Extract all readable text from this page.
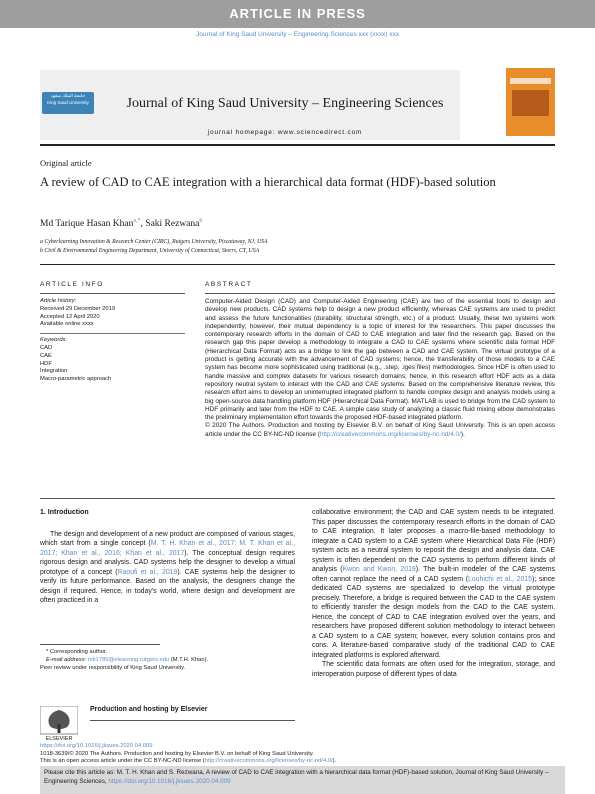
ARTICLE IN PRESS
Journal of King Saud University – Engineering Sciences xxx (xxxx) xxx
جامعة الملك سعود
King Saud University	Journal of King Saud University – Engineering Sciences
journal homepage: www.sciencedirect.com
Original article
A review of CAD to CAE integration with a hierarchical data format (HDF)-based solution
Md Tarique Hasan Khan$^{a,*}$, Saki Rezwana$^b$
a Cyberlearning Innovation & Research Center (CIRC), Rutgers University, Piscataway, NJ, USA
b Civil & Environmental Engineering Department, University of Connecticut, Storrs, CT, USA
ARTICLE INFO	ABSTRACT
Article history:
Received 29 December 2019
Accepted 12 April 2020
Available online xxxx
Keywords:
CAD
CAE
HDF
Integration
Macro-parametric approach
Computer-Aided Design (CAD) and Computer-Aided Engineering (CAE) are two of the essential tools to design and develop new products. CAD systems help to design a new product efficiently, whereas CAE systems are used to predict and assess the future functionalities (durability, structural strength, etc.) of a product. Usually, these two systems work independently; however, their mutual dependency is a topic of interest for the researchers. This paper discusses the contemporary research efforts in the domain of CAD to CAE integration and later find the research gap. Based on the research gap this paper develop a methodology to integrate a CAD to CAE systems where scientific data format HDF (Hierarchical Data Format) acts as a bridge to link the gap between a CAD and CAE system. The virtual prototype of a product is getting accurate with the advancement of CAD systems; hence, the transferability of those models to a CAE system has become more sophisticated using traditional (e.g., .step, .iges files) methodologies. Since HDF is often used to handle massive and complex datasets for various research domains; hence, in this research effort HDF acts as a data repository neutral system to interact with the CAD and CAE systems. Based on the comprehensive literature review, this research effort aims to develop an uninterrupted integrated platform to handle complex design and analysis models using a big open-source data handling platform HDF (Hierarchical Data Format). MATLAB is used to bridge from the CAD system to HDF primarily and later from the HDF to CAE. A simple case study of analyzing a classic fluid mixing elbow demonstrates the preliminary implementation effort towards the proposed HDF-based integrated platform.
© 2020 The Authors. Production and hosting by Elsevier B.V. on behalf of King Saud University. This is an open access article under the CC BY-NC-ND license (http://creativecommons.org/licenses/by-nc-nd/4.0/).

1. Introduction

The design and development of a new product are composed of various stages, which start from a single concept (M. T. H. Khan et al., 2017; M. T. Khan et al., 2017; Khan et al., 2016; Khan et al., 2017). The conceptual design requires rigorous design and analysis. CAD systems help the designer to develop a virtual prototype of a concept (Raoufi et al., 2019). CAE systems help the designer to verify its future performance. Based on the analysis, the designers change the design if required. Hence, in today's world, where design and development are often practiced in a

collaborative environment; the CAD and CAE system needs to be integrated. This paper discusses the contemporary research efforts in the domain of CAD to CAE integration. It later proposes a macro-file-based methodology to integrate a CAD system to a CAE system where Hierarchical Data File (HDF) system acts as a neutral system to reposit the design and analysis data. CAE system is often dependent on the CAD systems to perform different kinds of analysis (Kwon and Kwon, 2019). The built-in modeler of the CAE systems often cannot replace the need of a CAD system (Louhichi et al., 2015); since dedicated CAD systems are specialized to develop the virtual prototype precisely. Therefore, a bridge is required between the CAD to the CAE system to efficiently transfer the design models from the CAD to the CAE system. Hence, the concept of CAD to CAE integration evolved over the years, and researchers have proposed different solution methodology to interact between a CAD system to a CAE system; however, every solution contains pros and cons. A literature-based comparative study of the traditional CAD to CAE integrated platforms is explored afterward.

The scientific data formats are often used for the integration, storage, and interoperation purpose of different types of data

* Corresponding author.
E-mail address: mk1789@elearning.rutgers.edu (M.T.H. Khan).
Peer review under responsibility of King Saud University.
ELSEVIER
Production and hosting by Elsevier
https://doi.org/10.1016/j.jksues.2020.04.009
1018-3639/© 2020 The Authors. Production and hosting by Elsevier B.V. on behalf of King Saud University.
This is an open access article under the CC BY-NC-ND license (http://creativecommons.org/licenses/by-nc-nd/4.0/).
Please cite this article as: M. T. H. Khan and S. Rezwana, A review of CAD to CAE integration with a hierarchical data format (HDF)-based solution, Journal of King Saud University – Engineering Sciences, https://doi.org/10.1016/j.jksues.2020.04.009
